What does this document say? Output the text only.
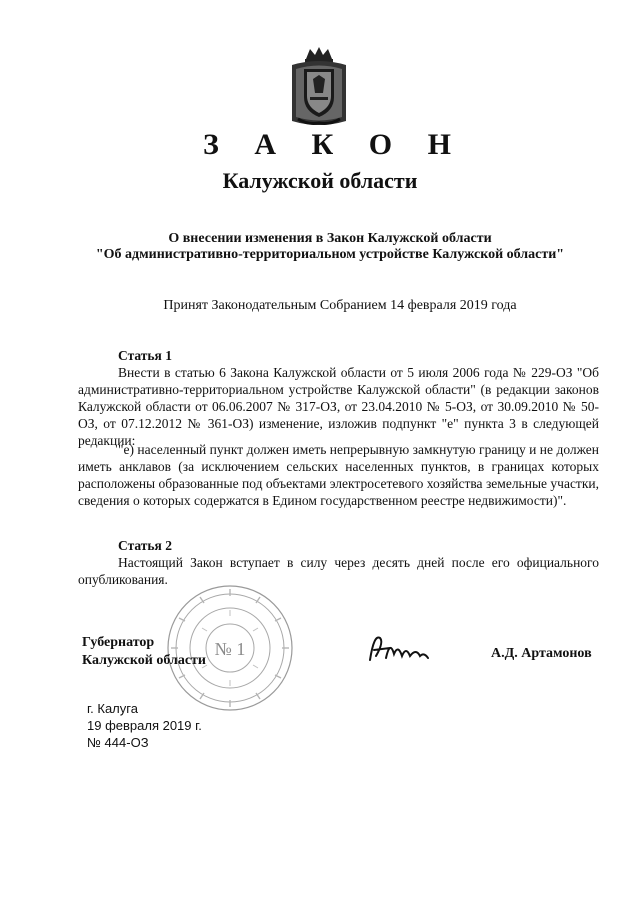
З А К О Н
Калужской области
О внесении изменения в Закон Калужской области
"Об административно-территориальном устройстве Калужской области"
Принят Законодательным Собранием 14 февраля 2019 года
Статья 1

Внести в статью 6 Закона Калужской области от 5 июля 2006 года № 229-ОЗ "Об административно-территориальном устройстве Калужской области" (в редакции законов Калужской области от 06.06.2007 № 317-ОЗ, от 23.04.2010 № 5-ОЗ, от 30.09.2010 № 50-ОЗ, от 07.12.2012 № 361-ОЗ) изменение, изложив подпункт "е" пункта 3 в следующей редакции:

"е) населенный пункт должен иметь непрерывную замкнутую границу и не должен иметь анклавов (за исключением сельских населенных пунктов, в границах которых расположены образованные под объектами электросетевого хозяйства земельные участки, сведения о которых содержатся в Едином государственном реестре недвижимости)".

Статья 2

Настоящий Закон вступает в силу через десять дней после его официального опубликования.

№ 1
Губернатор
Калужской области	А.Д. Артамонов
г. Калуга
19 февраля 2019 г.
№ 444-ОЗ
